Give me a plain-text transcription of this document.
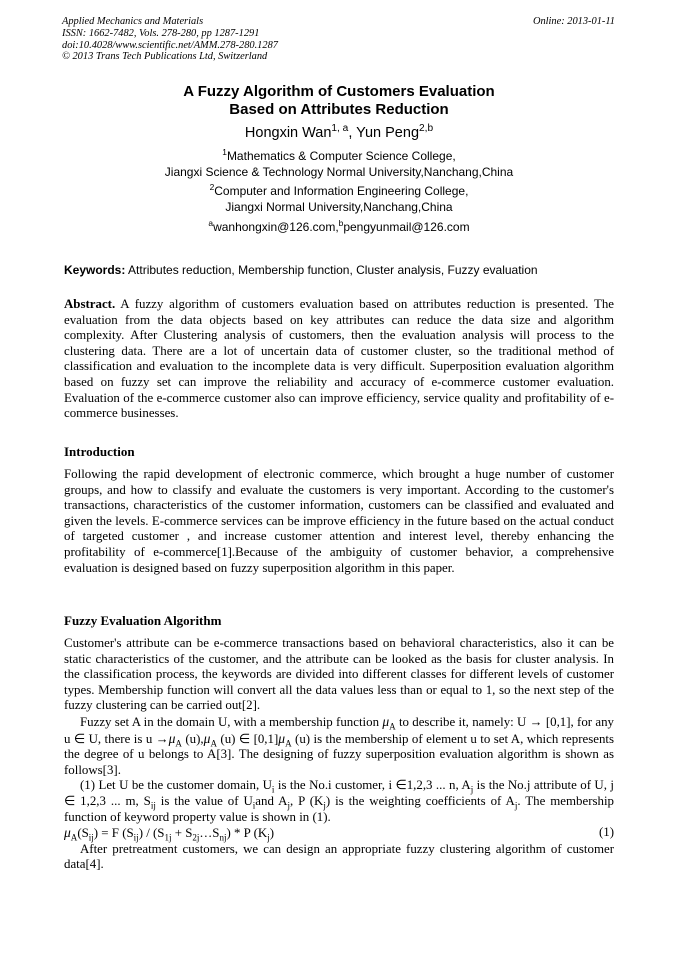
Applied Mechanics and Materials
ISSN: 1662-7482, Vols. 278-280, pp 1287-1291
doi:10.4028/www.scientific.net/AMM.278-280.1287
© 2013 Trans Tech Publications Ltd, Switzerland
Online: 2013-01-11
A Fuzzy Algorithm of Customers Evaluation
Based on Attributes Reduction
Hongxin Wan$^{1, a}$, Yun Peng$^{2,b}$
$^1$Mathematics & Computer Science College,
Jiangxi Science & Technology Normal University,Nanchang,China
$^2$Computer and Information Engineering College,
Jiangxi Normal University,Nanchang,China
$^a$wanhongxin@126.com,$^b$pengyunmail@126.com
Keywords: Attributes reduction, Membership function, Cluster analysis, Fuzzy evaluation

Abstract. A fuzzy algorithm of customers evaluation based on attributes reduction is presented. The evaluation from the data objects based on key attributes can reduce the data size and algorithm complexity. After Clustering analysis of customers, then the evaluation analysis will process to the clustering data. There are a lot of uncertain data of customer cluster, so the traditional method of classification and evaluation to the incomplete data is very difficult. Superposition evaluation algorithm based on fuzzy set can improve the reliability and accuracy of e-commerce customer evaluation. Evaluation of the e-commerce customer also can improve efficiency, service quality and profitability of e-commerce businesses.

Introduction

Following the rapid development of electronic commerce, which brought a huge number of customer groups, and how to classify and evaluate the customers is very important. According to the customer's transactions, characteristics of the customer information, customers can be classified and evaluated and given the levels. E-commerce services can be improve efficiency in the future based on the actual conduct of targeted customer , and increase customer attention and interest level, thereby enhancing the profitability of e-commerce[1].Because of the ambiguity of customer behavior, a comprehensive evaluation is designed based on fuzzy superposition algorithm in this paper.

Fuzzy Evaluation Algorithm

Customer's attribute can be e-commerce transactions based on behavioral characteristics, also it can be static characteristics of the customer, and the attribute can be looked as the basis for cluster analysis. In the classification process, the keywords are divided into different classes for different levels of customer types. Membership function will convert all the data values less than or equal to 1, so the next step of the fuzzy clustering can be carried out[2].

Fuzzy set A in the domain U, with a membership function $\mu_A$ to describe it, namely: U → [0,1], for any u ∈ U, there is $u \to\mu_A$ $(u),\mu_A$ (u) ∈ $[0,1]\mu_A$ (u) is the membership of element u to set A, which represents the degree of u belongs to A[3]. The designing of fuzzy superposition evaluation algorithm is shown as follows[3].

(1) Let U be the customer domain, $U_i$ is the No.i customer, i ∈1,2,3 ... n, $A_j$ is the No.j attribute of U, j ∈ 1,2,3 ... m, $S_{ij}$ is the value of $U_iand$ $A_j$, P $(K_j)$ is the weighting coefficients of $A_j$. The membership function of keyword property value is shown in (1).

$\mu_A(S_{ij}) = F$ $(S_{ij}) / (S_{1j}$ + $S_{2j}\dots S_{nj}$) * P $(K_j)$	(1)

After pretreatment customers, we can design an appropriate fuzzy clustering algorithm of customer data[4].
